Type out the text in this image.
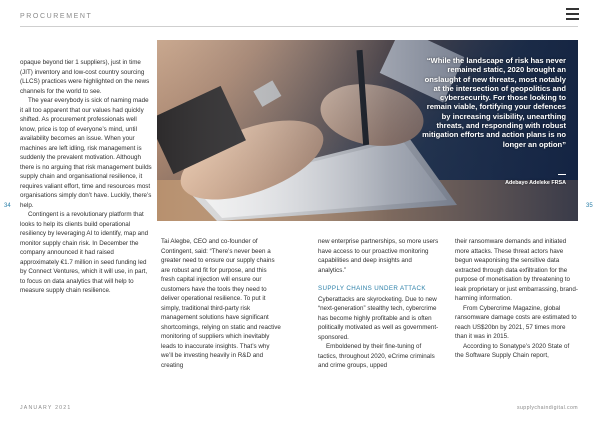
PROCUREMENT
34	35
“While the landscape of risk has never remained static, 2020 brought an onslaught of new threats, most notably at the intersection of geopolitics and cybersecurity. For those looking to remain viable, fortifying your defences by increasing visibility, unearthing threats, and responding with robust mitigation efforts and action plans is no longer an option”
Adebayo Adeleke FRSA

opaque beyond tier 1 suppliers), just in time (JIT) inventory and low-cost country sourcing (LLCS) practices were highlighted on the news channels for the world to see.

The year everybody is sick of naming made it all too apparent that our values had quickly shifted. As procurement professionals well know, price is top of everyone’s mind, until availability becomes an issue. When your machines are left idling, risk management is suddenly the prevalent motivation. Although there is no arguing that risk management builds supply chain and organisational resilience, it requires valiant effort, time and resources most organisations simply don’t have. Luckily, there’s help.

Contingent is a revolutionary platform that looks to help its clients build operational resiliency by leveraging AI to identify, map and monitor supply chain risk. In December the company announced it had raised approximately €1.7 million in seed funding led by Connect Ventures, which it will use, in part, to focus on data analytics that will help to measure supply chain resilience.

Tai Alegbe, CEO and co-founder of Contingent, said: “There’s never been a greater need to ensure our supply chains are robust and fit for purpose, and this fresh capital injection will ensure our customers have the tools they need to deliver operational resilience. To put it simply, traditional third-party risk management solutions have significant shortcomings, relying on static and reactive monitoring of suppliers which inevitably leads to inaccurate insights. That’s why we’ll be investing heavily in R&D and creating

new enterprise partnerships, so more users have access to our proactive monitoring capabilities and deep insights and analytics.”

SUPPLY CHAINS UNDER ATTACK

Cyberattacks are skyrocketing. Due to new “next-generation” stealthy tech, cybercrime has become highly profitable and is often politically motivated as well as government-sponsored.

Emboldened by their fine-tuning of tactics, throughout 2020, eCrime criminals and crime groups, upped

their ransomware demands and initiated more attacks. These threat actors have begun weaponising the sensitive data extracted through data exfiltration for the purpose of monetisation by threatening to leak proprietary or just embarrassing, brand-harming information.

From Cybercrime Magazine, global ransomware damage costs are estimated to reach US$20bn by 2021, 57 times more than it was in 2015.

According to Sonatype’s 2020 State of the Software Supply Chain report,

JANUARY 2021	supplychaindigital.com
